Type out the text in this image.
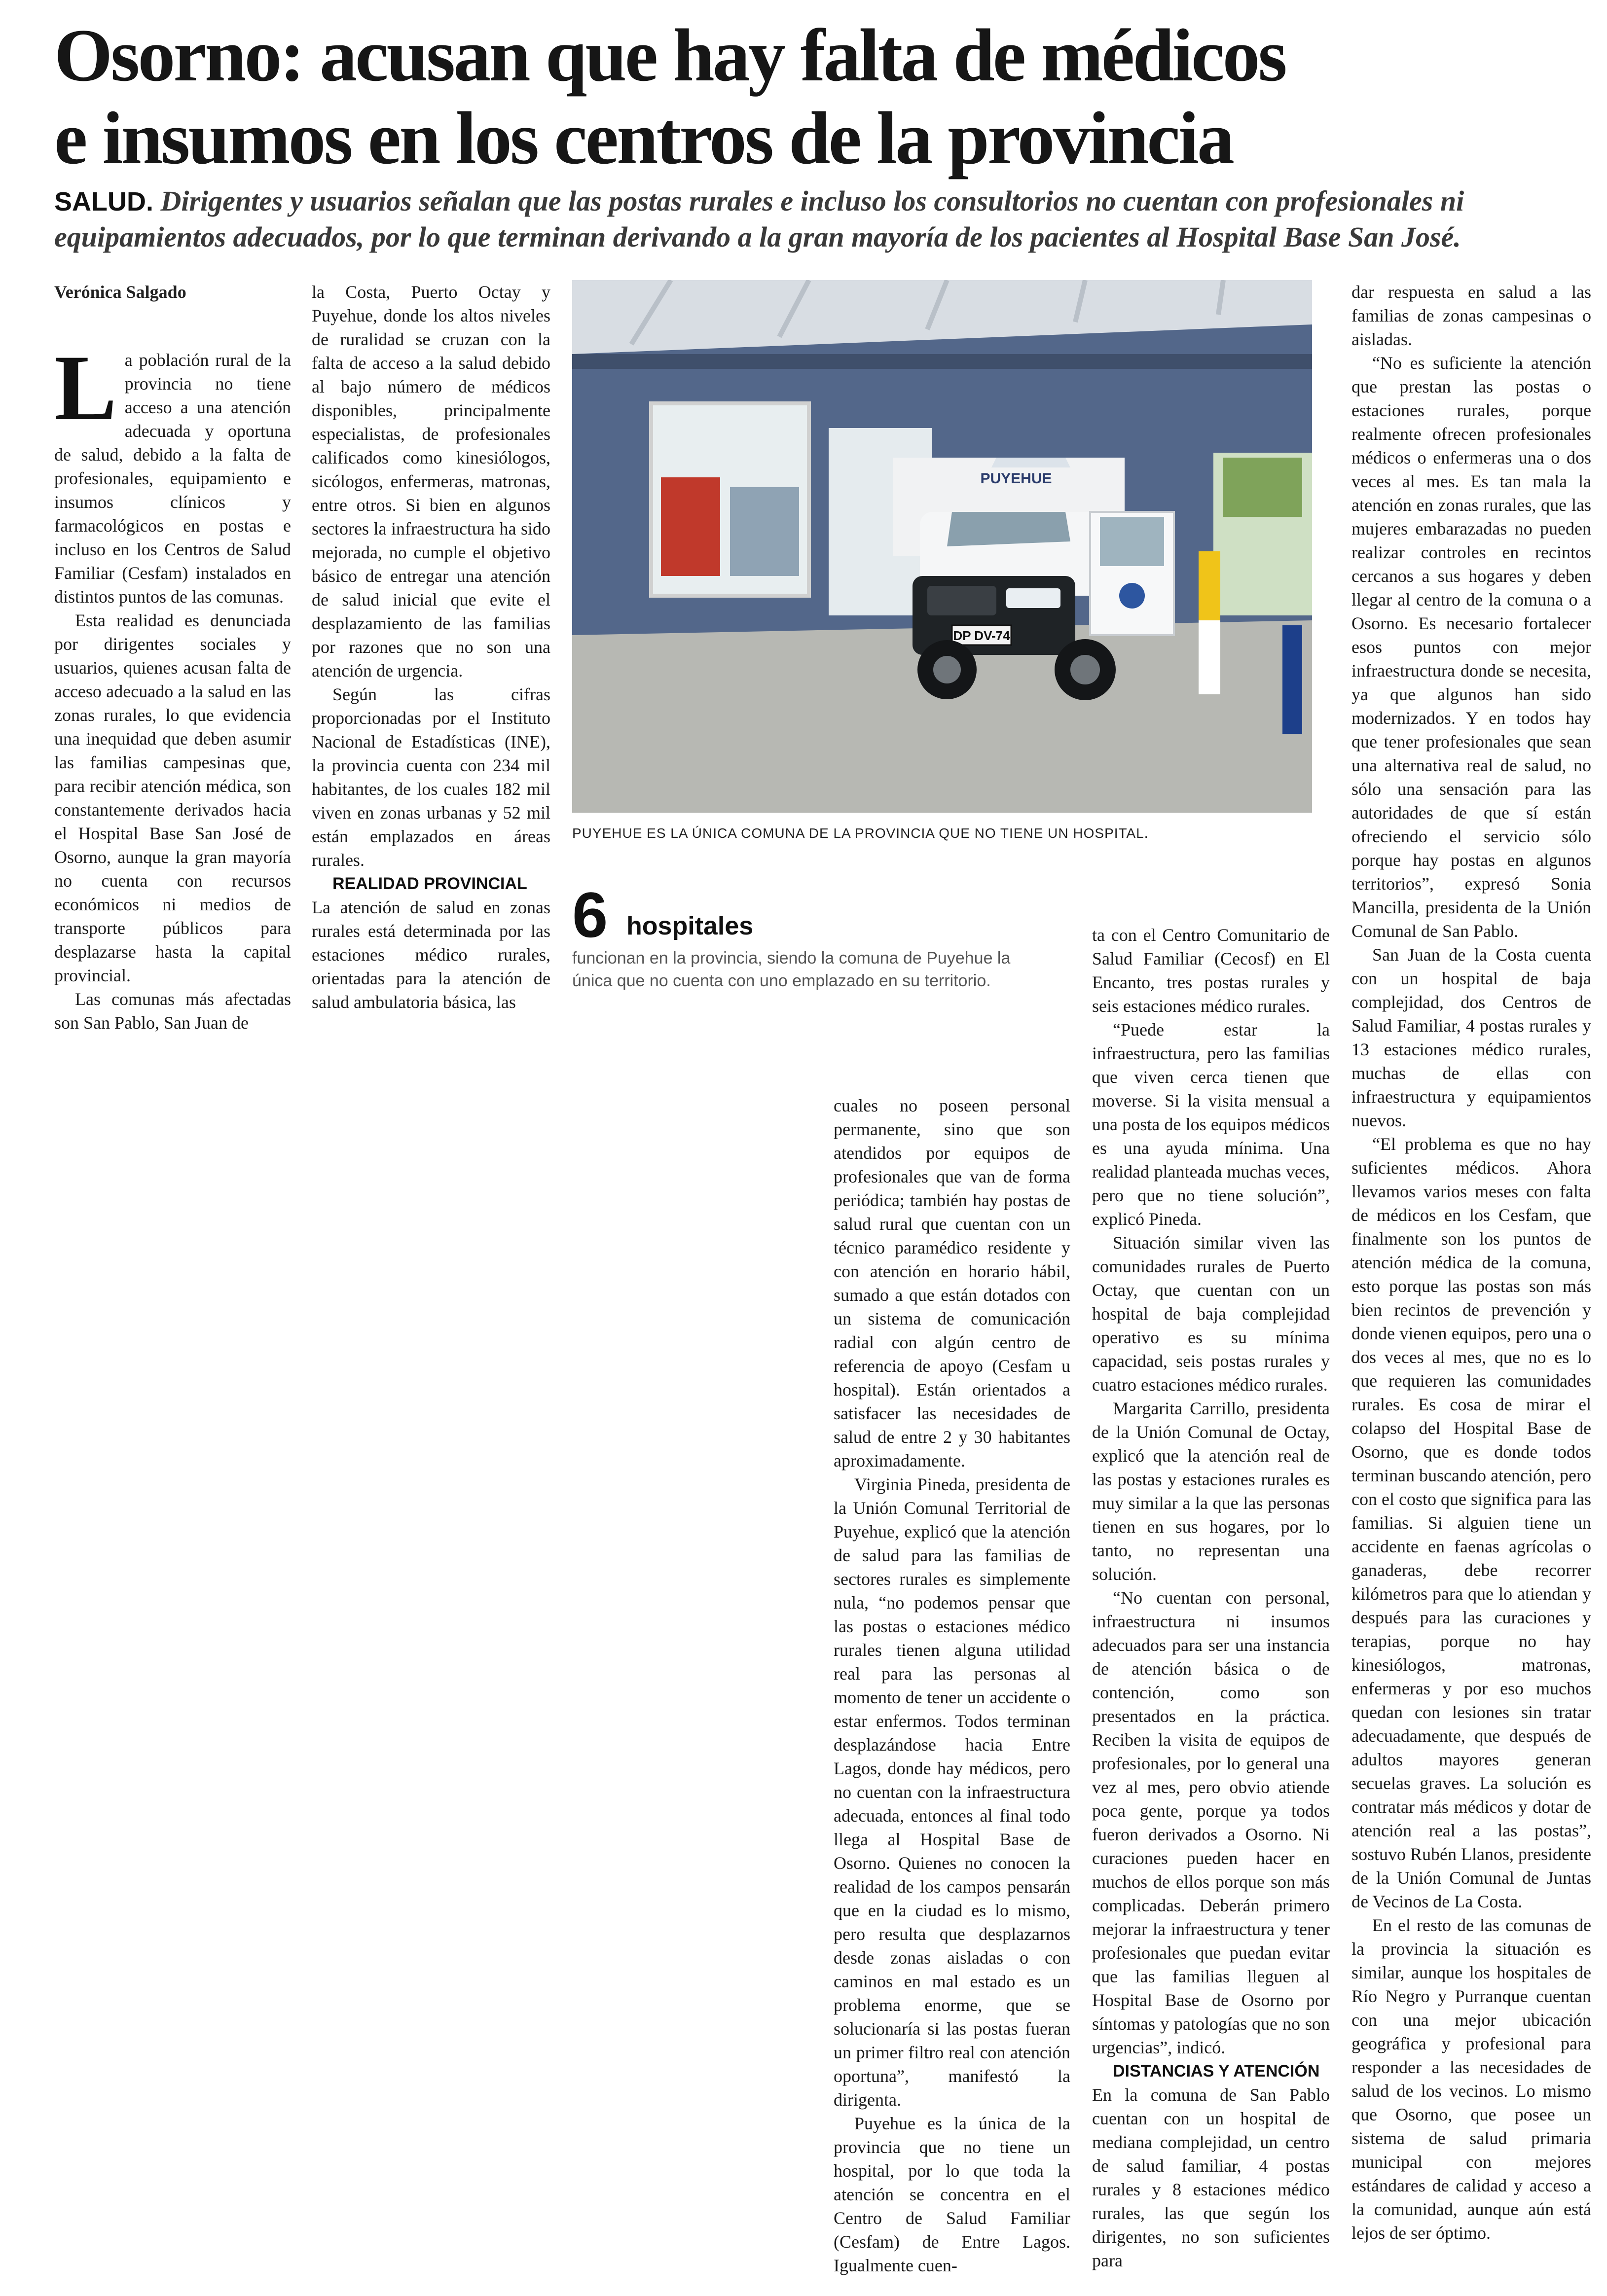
Osorno: acusan que hay falta de médicos
e insumos en los centros de la provincia

SALUD. Dirigentes y usuarios señalan que las postas rurales e incluso los consultorios no cuentan con profesionales ni equipamientos adecuados, por lo que terminan derivando a la gran mayoría de los pacientes al Hospital Base San José.

Verónica Salgado

La población rural de la provincia no tiene acceso a una atención adecuada y oportuna de salud, debido a la falta de profesionales, equipamiento e insumos clínicos y farmacológicos en postas e incluso en los Centros de Salud Familiar (Cesfam) instalados en distintos puntos de las comunas.

Esta realidad es denunciada por dirigentes sociales y usuarios, quienes acusan falta de acceso adecuado a la salud en las zonas rurales, lo que evidencia una inequidad que deben asumir las familias campesinas que, para recibir atención médica, son constantemente derivados hacia el Hospital Base San José de Osorno, aunque la gran mayoría no cuenta con recursos económicos ni medios de transporte públicos para desplazarse hasta la capital provincial.

Las comunas más afectadas son San Pablo, San Juan de

la Costa, Puerto Octay y Puyehue, donde los altos niveles de ruralidad se cruzan con la falta de acceso a la salud debido al bajo número de médicos disponibles, principalmente especialistas, de profesionales calificados como kinesiólogos, sicólogos, enfermeras, matronas, entre otros. Si bien en algunos sectores la infraestructura ha sido mejorada, no cumple el objetivo básico de entregar una atención de salud inicial que evite el desplazamiento de las familias por razones que no son una atención de urgencia.

Según las cifras proporcionadas por el Instituto Nacional de Estadísticas (INE), la provincia cuenta con 234 mil habitantes, de los cuales 182 mil viven en zonas urbanas y 52 mil están emplazados en áreas rurales.

REALIDAD PROVINCIAL

La atención de salud en zonas rurales está determinada por las estaciones médico rurales, orientadas para la atención de salud ambulatoria básica, las

DP DV-74
PUYEHUE

PUYEHUE ES LA ÚNICA COMUNA DE LA PROVINCIA QUE NO TIENE UN HOSPITAL.

6 hospitales
funcionan en la provincia, siendo la comuna de Puyehue la única que no cuenta con uno emplazado en su territorio.

cuales no poseen personal permanente, sino que son atendidos por equipos de profesionales que van de forma periódica; también hay postas de salud rural que cuentan con un técnico paramédico residente y con atención en horario hábil, sumado a que están dotados con un sistema de comunicación radial con algún centro de referencia de apoyo (Cesfam u hospital). Están orientados a satisfacer las necesidades de salud de entre 2 y 30 habitantes aproximadamente.

Virginia Pineda, presidenta de la Unión Comunal Territorial de Puyehue, explicó que la atención de salud para las familias de sectores rurales es simplemente nula, “no podemos pensar que las postas o estaciones médico rurales tienen alguna utilidad real para las personas al momento de tener un accidente o estar enfermos. Todos terminan desplazándose hacia Entre Lagos, donde hay médicos, pero no cuentan con la infraestructura adecuada, entonces al final todo llega al Hospital Base de Osorno. Quienes no conocen la realidad de los campos pensarán que en la ciudad es lo mismo, pero resulta que desplazarnos desde zonas aisladas o con caminos en mal estado es un problema enorme, que se solucionaría si las postas fueran un primer filtro real con atención oportuna”, manifestó la dirigenta.

Puyehue es la única de la provincia que no tiene un hospital, por lo que toda la atención se concentra en el Centro de Salud Familiar (Cesfam) de Entre Lagos. Igualmente cuen-

ta con el Centro Comunitario de Salud Familiar (Cecosf) en El Encanto, tres postas rurales y seis estaciones médico rurales.

“Puede estar la infraestructura, pero las familias que viven cerca tienen que moverse. Si la visita mensual a una posta de los equipos médicos es una ayuda mínima. Una realidad planteada muchas veces, pero que no tiene solución”, explicó Pineda.

Situación similar viven las comunidades rurales de Puerto Octay, que cuentan con un hospital de baja complejidad operativo es su mínima capacidad, seis postas rurales y cuatro estaciones médico rurales.

Margarita Carrillo, presidenta de la Unión Comunal de Octay, explicó que la atención real de las postas y estaciones rurales es muy similar a la que las personas tienen en sus hogares, por lo tanto, no representan una solución.

“No cuentan con personal, infraestructura ni insumos adecuados para ser una instancia de atención básica o de contención, como son presentados en la práctica. Reciben la visita de equipos de profesionales, por lo general una vez al mes, pero obvio atiende poca gente, porque ya todos fueron derivados a Osorno. Ni curaciones pueden hacer en muchos de ellos porque son más complicadas. Deberán primero mejorar la infraestructura y tener profesionales que puedan evitar que las familias lleguen al Hospital Base de Osorno por síntomas y patologías que no son urgencias”, indicó.

DISTANCIAS Y ATENCIÓN

En la comuna de San Pablo cuentan con un hospital de mediana complejidad, un centro de salud familiar, 4 postas rurales y 8 estaciones médico rurales, las que según los dirigentes, no son suficientes para

dar respuesta en salud a las familias de zonas campesinas o aisladas.

“No es suficiente la atención que prestan las postas o estaciones rurales, porque realmente ofrecen profesionales médicos o enfermeras una o dos veces al mes. Es tan mala la atención en zonas rurales, que las mujeres embarazadas no pueden realizar controles en recintos cercanos a sus hogares y deben llegar al centro de la comuna o a Osorno. Es necesario fortalecer esos puntos con mejor infraestructura donde se necesita, ya que algunos han sido modernizados. Y en todos hay que tener profesionales que sean una alternativa real de salud, no sólo una sensación para las autoridades de que sí están ofreciendo el servicio sólo porque hay postas en algunos territorios”, expresó Sonia Mancilla, presidenta de la Unión Comunal de San Pablo.

San Juan de la Costa cuenta con un hospital de baja complejidad, dos Centros de Salud Familiar, 4 postas rurales y 13 estaciones médico rurales, muchas de ellas con infraestructura y equipamientos nuevos.

“El problema es que no hay suficientes médicos. Ahora llevamos varios meses con falta de médicos en los Cesfam, que finalmente son los puntos de atención médica de la comuna, esto porque las postas son más bien recintos de prevención y donde vienen equipos, pero una o dos veces al mes, que no es lo que requieren las comunidades rurales. Es cosa de mirar el colapso del Hospital Base de Osorno, que es donde todos terminan buscando atención, pero con el costo que significa para las familias. Si alguien tiene un accidente en faenas agrícolas o ganaderas, debe recorrer kilómetros para que lo atiendan y después para las curaciones y terapias, porque no hay kinesiólogos, matronas, enfermeras y por eso muchos quedan con lesiones sin tratar adecuadamente, que después de adultos mayores generan secuelas graves. La solución es contratar más médicos y dotar de atención real a las postas”, sostuvo Rubén Llanos, presidente de la Unión Comunal de Juntas de Vecinos de La Costa.

En el resto de las comunas de la provincia la situación es similar, aunque los hospitales de Río Negro y Purranque cuentan con una mejor ubicación geográfica y profesional para responder a las necesidades de salud de los vecinos. Lo mismo que Osorno, que posee un sistema de salud primaria municipal con mejores estándares de calidad y acceso a la comunidad, aunque aún está lejos de ser óptimo.
